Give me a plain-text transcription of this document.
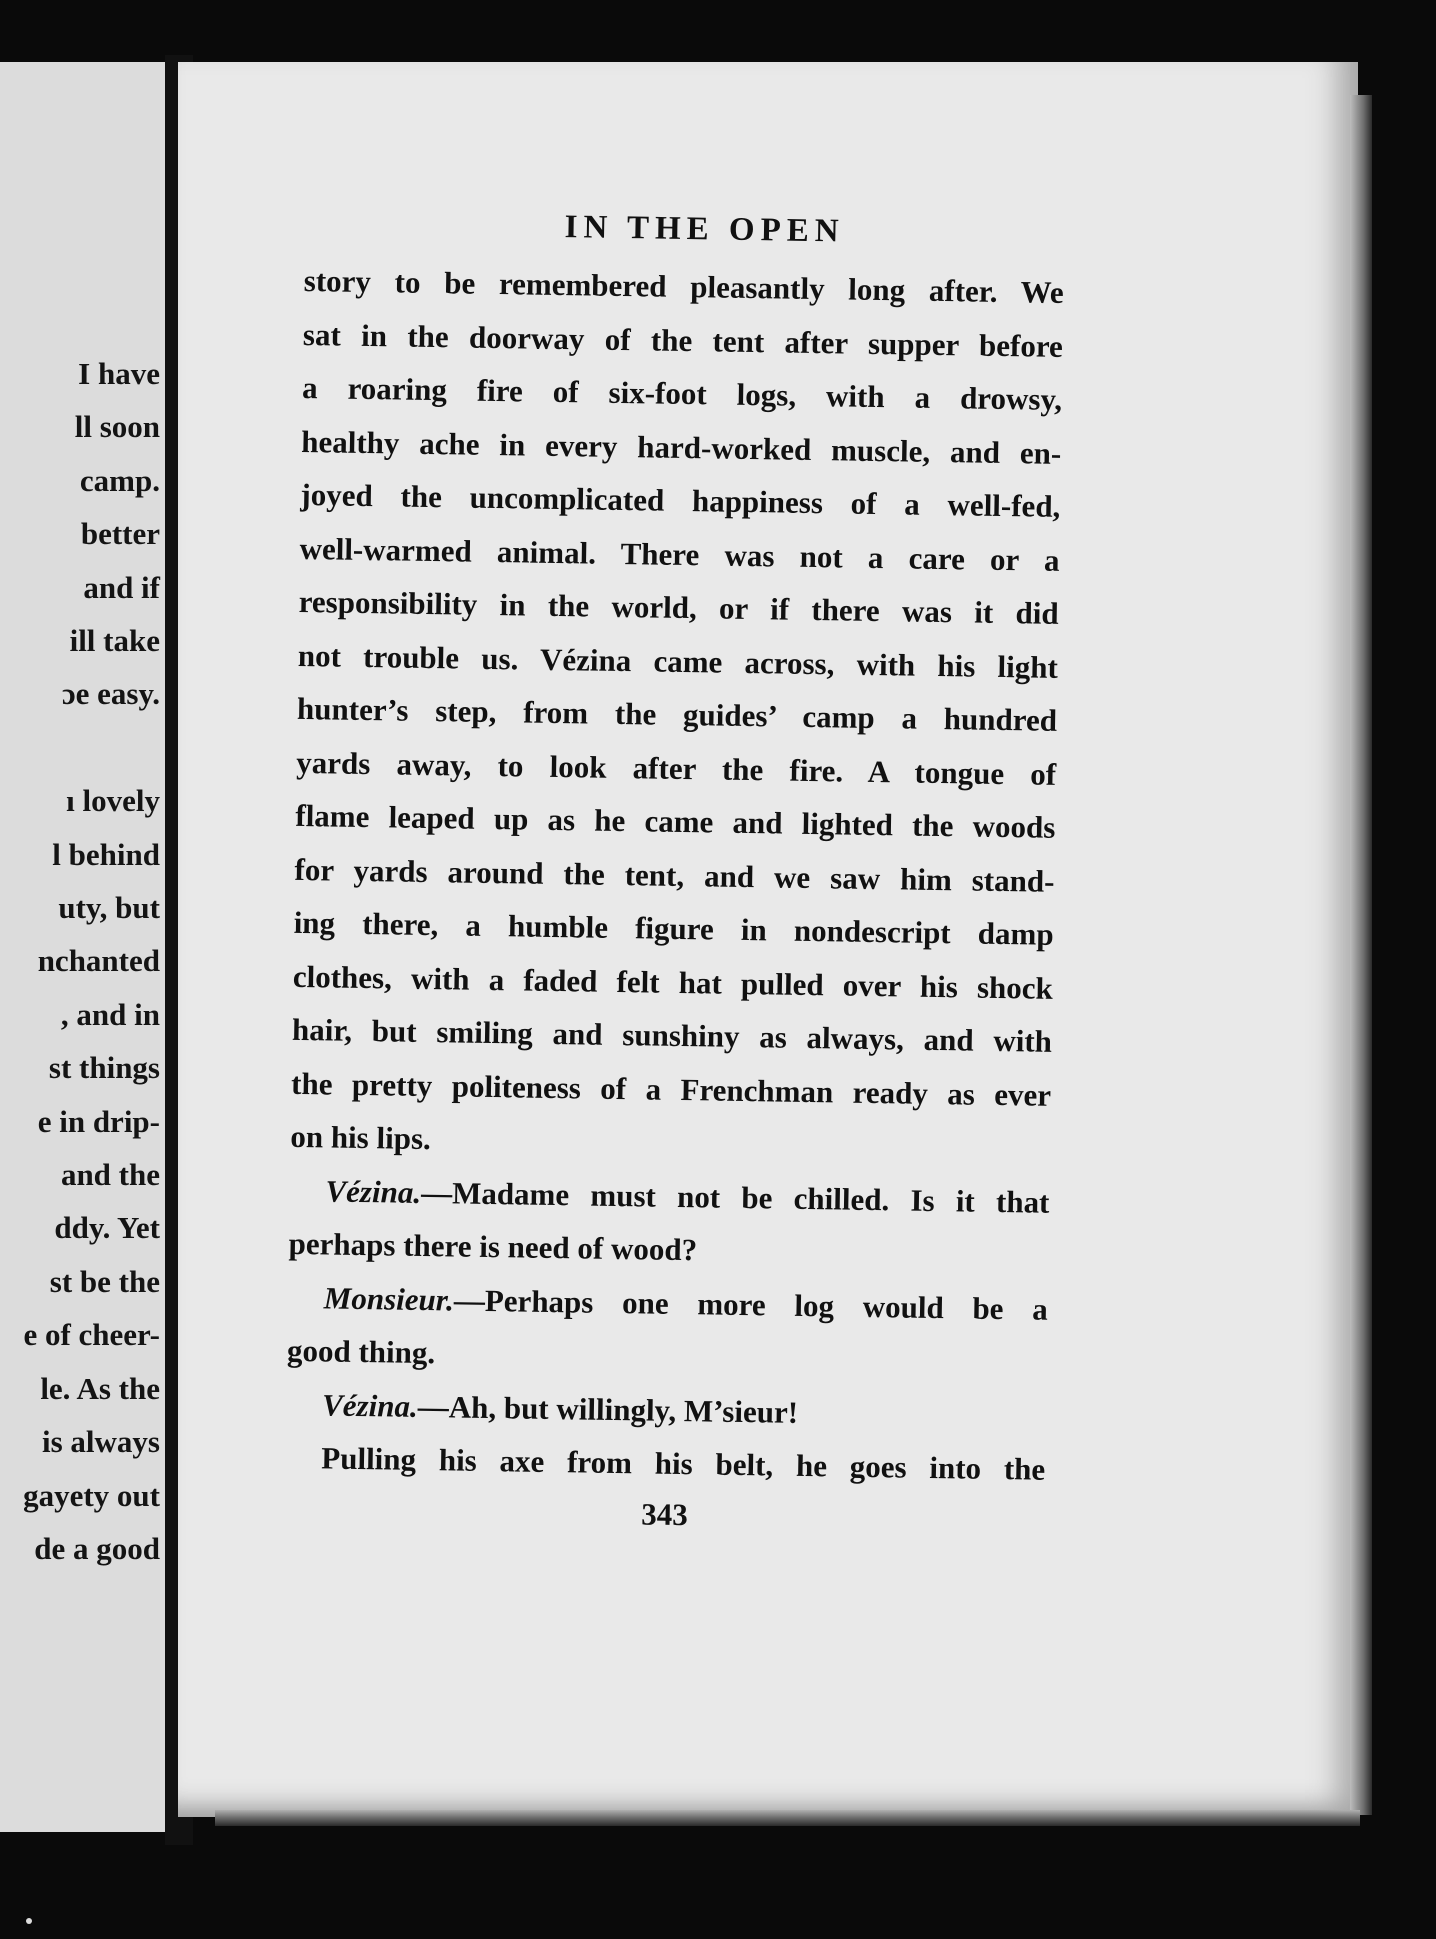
I have
ll soon
camp.
better
and if
ill take
ɔe easy.
ı lovely
l behind
uty, but
nchanted
, and in
st things
e in drip-
and the
ddy. Yet
st be the
e of cheer-
le. As the
is always
gayety out
de a good
IN THE OPEN
story to be remembered pleasantly long after. We
sat in the doorway of the tent after supper before
a roaring fire of six-foot logs, with a drowsy,
healthy ache in every hard-worked muscle, and en-
joyed the uncomplicated happiness of a well-fed,
well-warmed animal. There was not a care or a
responsibility in the world, or if there was it did
not trouble us. Vézina came across, with his light
hunter’s step, from the guides’ camp a hundred
yards away, to look after the fire. A tongue of
flame leaped up as he came and lighted the woods
for yards around the tent, and we saw him stand-
ing there, a humble figure in nondescript damp
clothes, with a faded felt hat pulled over his shock
hair, but smiling and sunshiny as always, and with
the pretty politeness of a Frenchman ready as ever
on his lips.
Vézina.—Madame must not be chilled. Is it that
perhaps there is need of wood?
Monsieur.—Perhaps one more log would be a
good thing.
Vézina.—Ah, but willingly, M’sieur!
Pulling his axe from his belt, he goes into the
343
